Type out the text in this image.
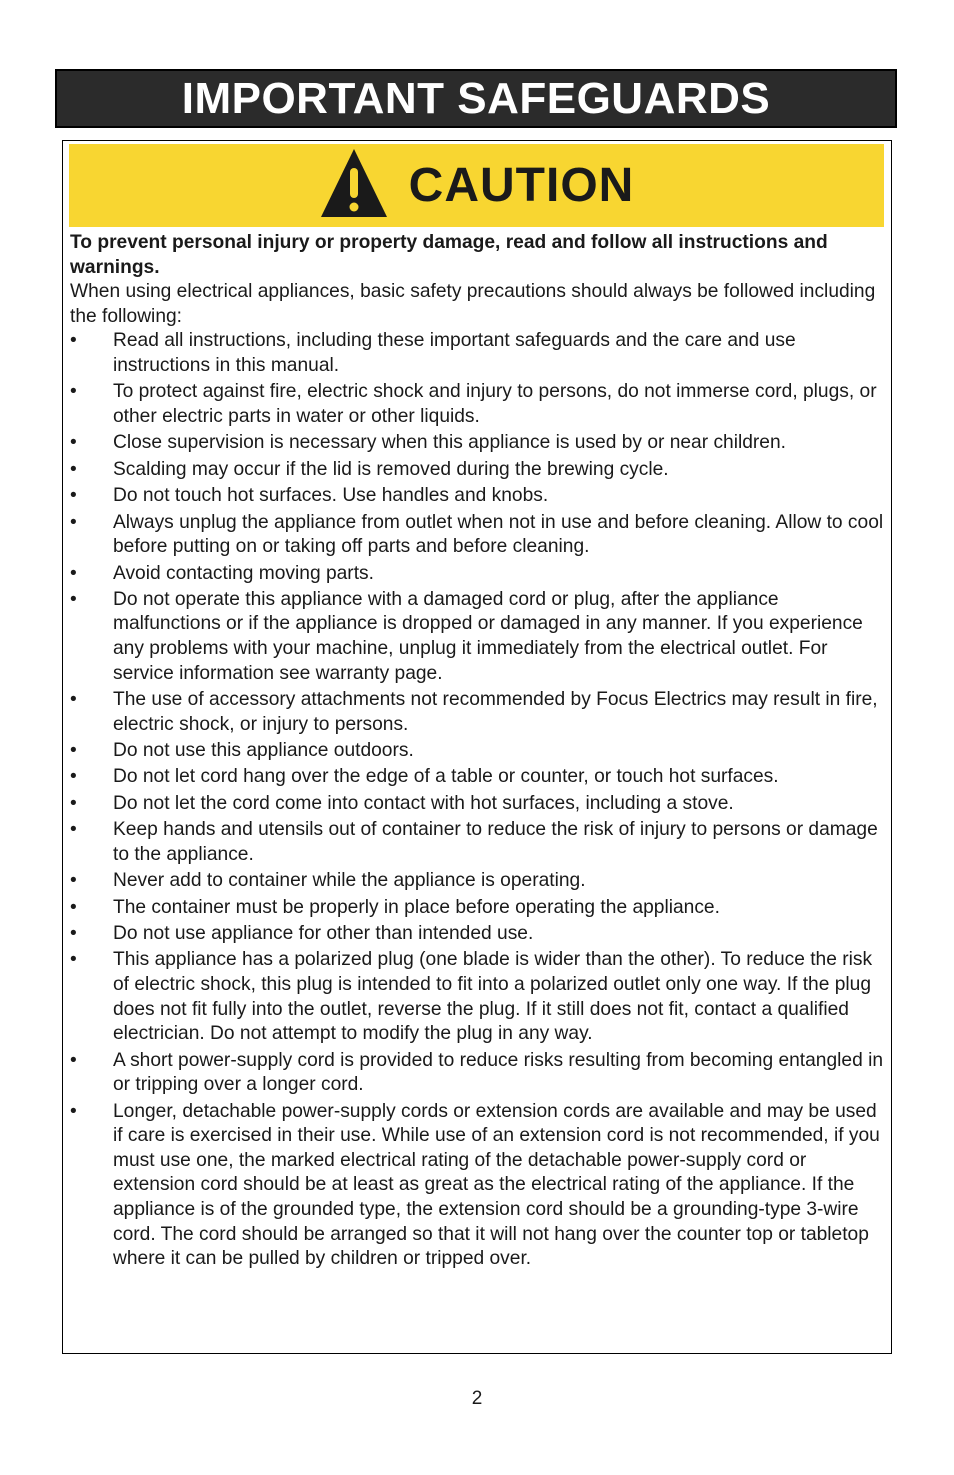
IMPORTANT SAFEGUARDS
CAUTION

To prevent personal injury or property damage, read and follow all instructions and warnings.

When using electrical appliances, basic safety precautions should always be followed including the following:

• Read all instructions, including these important safeguards and the care and use instructions in this manual.
• To protect against fire, electric shock and injury to persons, do not immerse cord, plugs, or other electric parts in water or other liquids.
• Close supervision is necessary when this appliance is used by or near children.
• Scalding may occur if the lid is removed during the brewing cycle.
• Do not touch hot surfaces. Use handles and knobs.
• Always unplug the appliance from outlet when not in use and before cleaning. Allow to cool before putting on or taking off parts and before cleaning.
• Avoid contacting moving parts.
• Do not operate this appliance with a damaged cord or plug, after the appliance malfunctions or if the appliance is dropped or damaged in any manner. If you experience any problems with your machine, unplug it immediately from the electrical outlet. For service information see warranty page.
• The use of accessory attachments not recommended by Focus Electrics may result in fire, electric shock, or injury to persons.
• Do not use this appliance outdoors.
• Do not let cord hang over the edge of a table or counter, or touch hot surfaces.
• Do not let the cord come into contact with hot surfaces, including a stove.
• Keep hands and utensils out of container to reduce the risk of injury to persons or damage to the appliance.
• Never add to container while the appliance is operating.
• The container must be properly in place before operating the appliance.
• Do not use appliance for other than intended use.
• This appliance has a polarized plug (one blade is wider than the other). To reduce the risk of electric shock, this plug is intended to fit into a polarized outlet only one way. If the plug does not fit fully into the outlet, reverse the plug. If it still does not fit, contact a qualified electrician. Do not attempt to modify the plug in any way.
• A short power-supply cord is provided to reduce risks resulting from becoming entangled in or tripping over a longer cord.
• Longer, detachable power-supply cords or extension cords are available and may be used if care is exercised in their use. While use of an extension cord is not recommended, if you must use one, the marked electrical rating of the detachable power-supply cord or extension cord should be at least as great as the electrical rating of the appliance. If the appliance is of the grounded type, the extension cord should be a grounding-type 3-wire cord. The cord should be arranged so that it will not hang over the counter top or tabletop where it can be pulled by children or tripped over.
2
